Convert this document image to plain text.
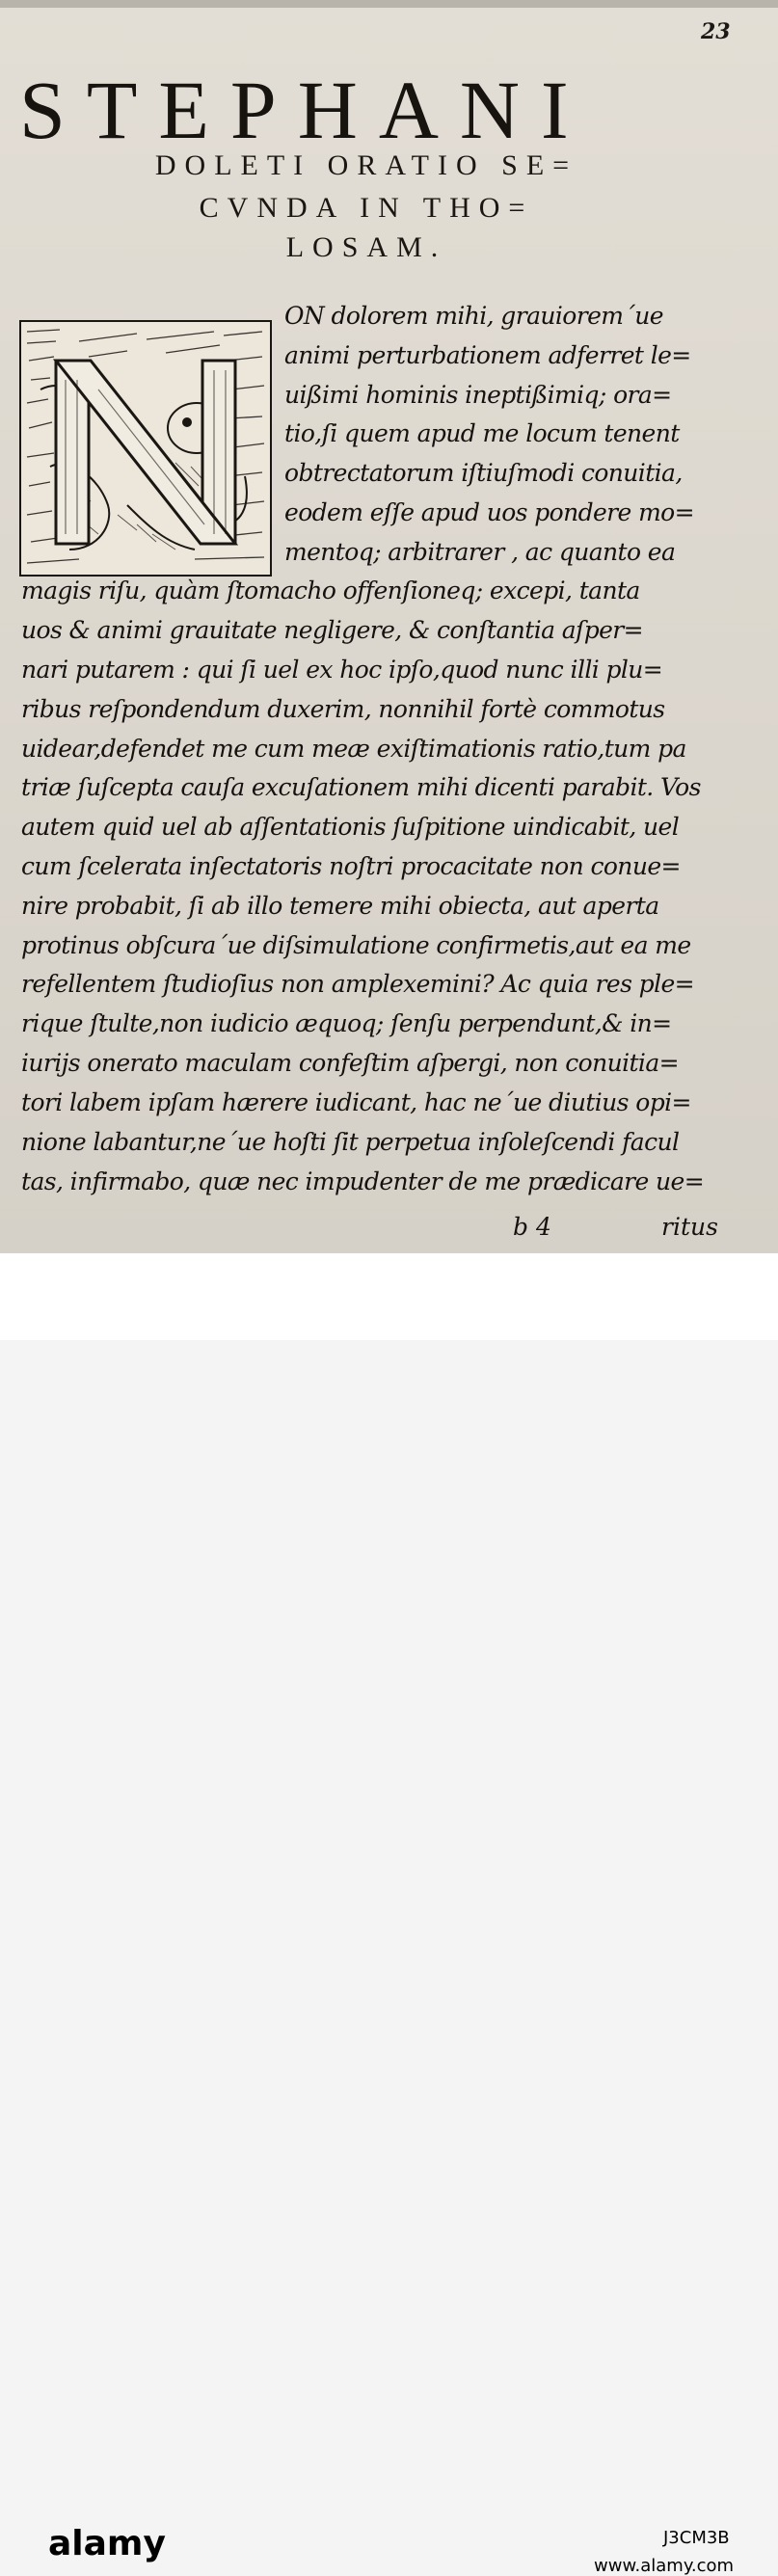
23
STEPHANI
DOLETI ORATIO SE=
CVNDA IN THO=
LOSAM.
ON dolorem mihi, grauiorem´ue
animi perturbationem adferret le=
uißimi hominis ineptißimiq; ora=
tio,ſi quem apud me locum tenent
obtrectatorum iſtiuſmodi conuitia,
eodem eſſe apud uos pondere mo=
mentoq; arbitrarer , ac quanto ea
magis riſu, quàm ſtomacho offenſioneq; excepi, tanta
uos & animi grauitate negligere, & conſtantia aſper=
nari putarem : qui ſi uel ex hoc ipſo,quod nunc illi plu=
ribus reſpondendum duxerim, nonnihil fortè commotus
uidear,defendet me cum meæ exiſtimationis ratio,tum pa
triæ ſuſcepta cauſa excuſationem mihi dicenti parabit. Vos
autem quid uel ab aſſentationis ſuſpitione uindicabit, uel
cum ſcelerata inſectatoris noſtri procacitate non conue=
nire probabit, ſi ab illo temere mihi obiecta, aut aperta
protinus obſcura´ue diſsimulatione confirmetis,aut ea me
refellentem ſtudioſius non amplexemini? Ac quia res ple=
rique ſtulte,non iudicio æquoq; ſenſu perpendunt,& in=
iurijs onerato maculam confeſtim aſpergi, non conuitia=
tori labem ipſam hærere iudicant, hac ne´ue diutius opi=
nione labantur,ne´ue hoſti ſit perpetua inſoleſcendi facul
tas, infirmabo, quæ nec impudenter de me prædicare ue=
b 4	ritus
alamy	J3CM3B
www.alamy.com
